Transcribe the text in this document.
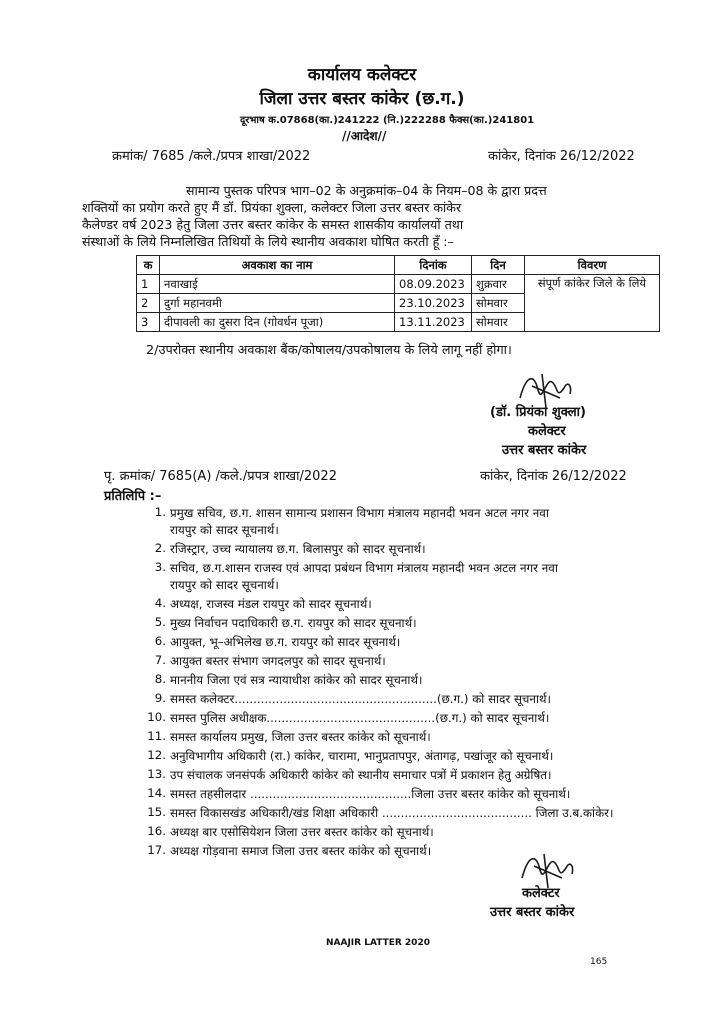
कार्यालय कलेक्टर
जिला उत्तर बस्तर कांकेर (छ.ग.)
दूरभाष क.07868(का.)241222 (नि.)222288 फैक्स(का.)241801
//आदेश//
क्रमांक/ 7685 /कले./प्रपत्र शाखा/2022	कांकेर, दिनांक 26/12/2022
सामान्य पुस्तक परिपत्र भाग–02 के अनुक्रमांक–04 के नियम–08 के द्वारा प्रदत्त
शक्तियों का प्रयोग करते हुए मैं डॉ. प्रियंका शुक्ला, कलेक्टर जिला उत्तर बस्तर कांकेर
कैलेण्डर वर्ष 2023 हेतु जिला उत्तर बस्तर कांकेर के समस्त शासकीय कार्यालयों तथा
संस्थाओं के लिये निम्नलिखित तिथियों के लिये स्थानीय अवकाश घोषित करती हूँ :–
क	अवकाश का नाम	दिनांक	दिन	विवरण
1	नवाखाई	08.09.2023	शुक्रवार	संपूर्ण कांकेर जिले के लिये
2	दुर्गा महानवमी	23.10.2023	सोमवार	
3	दीपावली का दुसरा दिन (गोवर्धन पूजा)	13.11.2023	सोमवार	
2/उपरोक्त स्थानीय अवकाश बैंक/कोषालय/उपकोषालय के लिये लागू नहीं होगा।
(डॉ. प्रियंका शुक्ला)
कलेक्टर
उत्तर बस्तर कांकेर
पृ. क्रमांक/ 7685(A) /कले./प्रपत्र शाखा/2022	कांकेर, दिनांक 26/12/2022
प्रतिलिपि :–
1. प्रमुख सचिव, छ.ग. शासन सामान्य प्रशासन विभाग मंत्रालय महानदी भवन अटल नगर नवा
रायपुर को सादर सूचनार्थ।
2. रजिस्ट्रार, उच्च न्यायालय छ.ग. बिलासपुर को सादर सूचनार्थ।
3. सचिव, छ.ग.शासन राजस्व एवं आपदा प्रबंधन विभाग मंत्रालय महानदी भवन अटल नगर नवा
रायपुर को सादर सूचनार्थ।
4. अध्यक्ष, राजस्व मंडल रायपुर को सादर सूचनार्थ।
5. मुख्य निर्वाचन पदाधिकारी छ.ग. रायपुर को सादर सूचनार्थ।
6. आयुक्त, भू–अभिलेख छ.ग. रायपुर को सादर सूचनार्थ।
7. आयुक्त बस्तर संभाग जगदलपुर को सादर सूचनार्थ।
8. माननीय जिला एवं सत्र न्यायाधीश कांकेर को सादर सूचनार्थ।
9. समस्त कलेक्टर......................................................(छ.ग.) को सादर सूचनार्थ।
10. समस्त पुलिस अधीक्षक.............................................(छ.ग.) को सादर सूचनार्थ।
11. समस्त कार्यालय प्रमुख, जिला उत्तर बस्तर कांकेर को सूचनार्थ।
12. अनुविभागीय अधिकारी (रा.) कांकेर, चारामा, भानुप्रतापपुर, अंतागढ़, पखांजूर को सूचनार्थ।
13. उप संचालक जनसंपर्क अधिकारी कांकेर को स्थानीय समाचार पत्रों में प्रकाशन हेतु अग्रेषित।
14. समस्त तहसीलदार ...........................................जिला उत्तर बस्तर कांकेर को सूचनार्थ।
15. समस्त विकासखंड अधिकारी/खंड शिक्षा अधिकारी ........................................ जिला उ.ब.कांकेर।
16. अध्यक्ष बार एसोसियेशन जिला उत्तर बस्तर कांकेर को सूचनार्थ।
17. अध्यक्ष गोड़वाना समाज जिला उत्तर बस्तर कांकेर को सूचनार्थ।
कलेक्टर
उत्तर बस्तर कांकेर
NAAJIR LATTER 2020
165
